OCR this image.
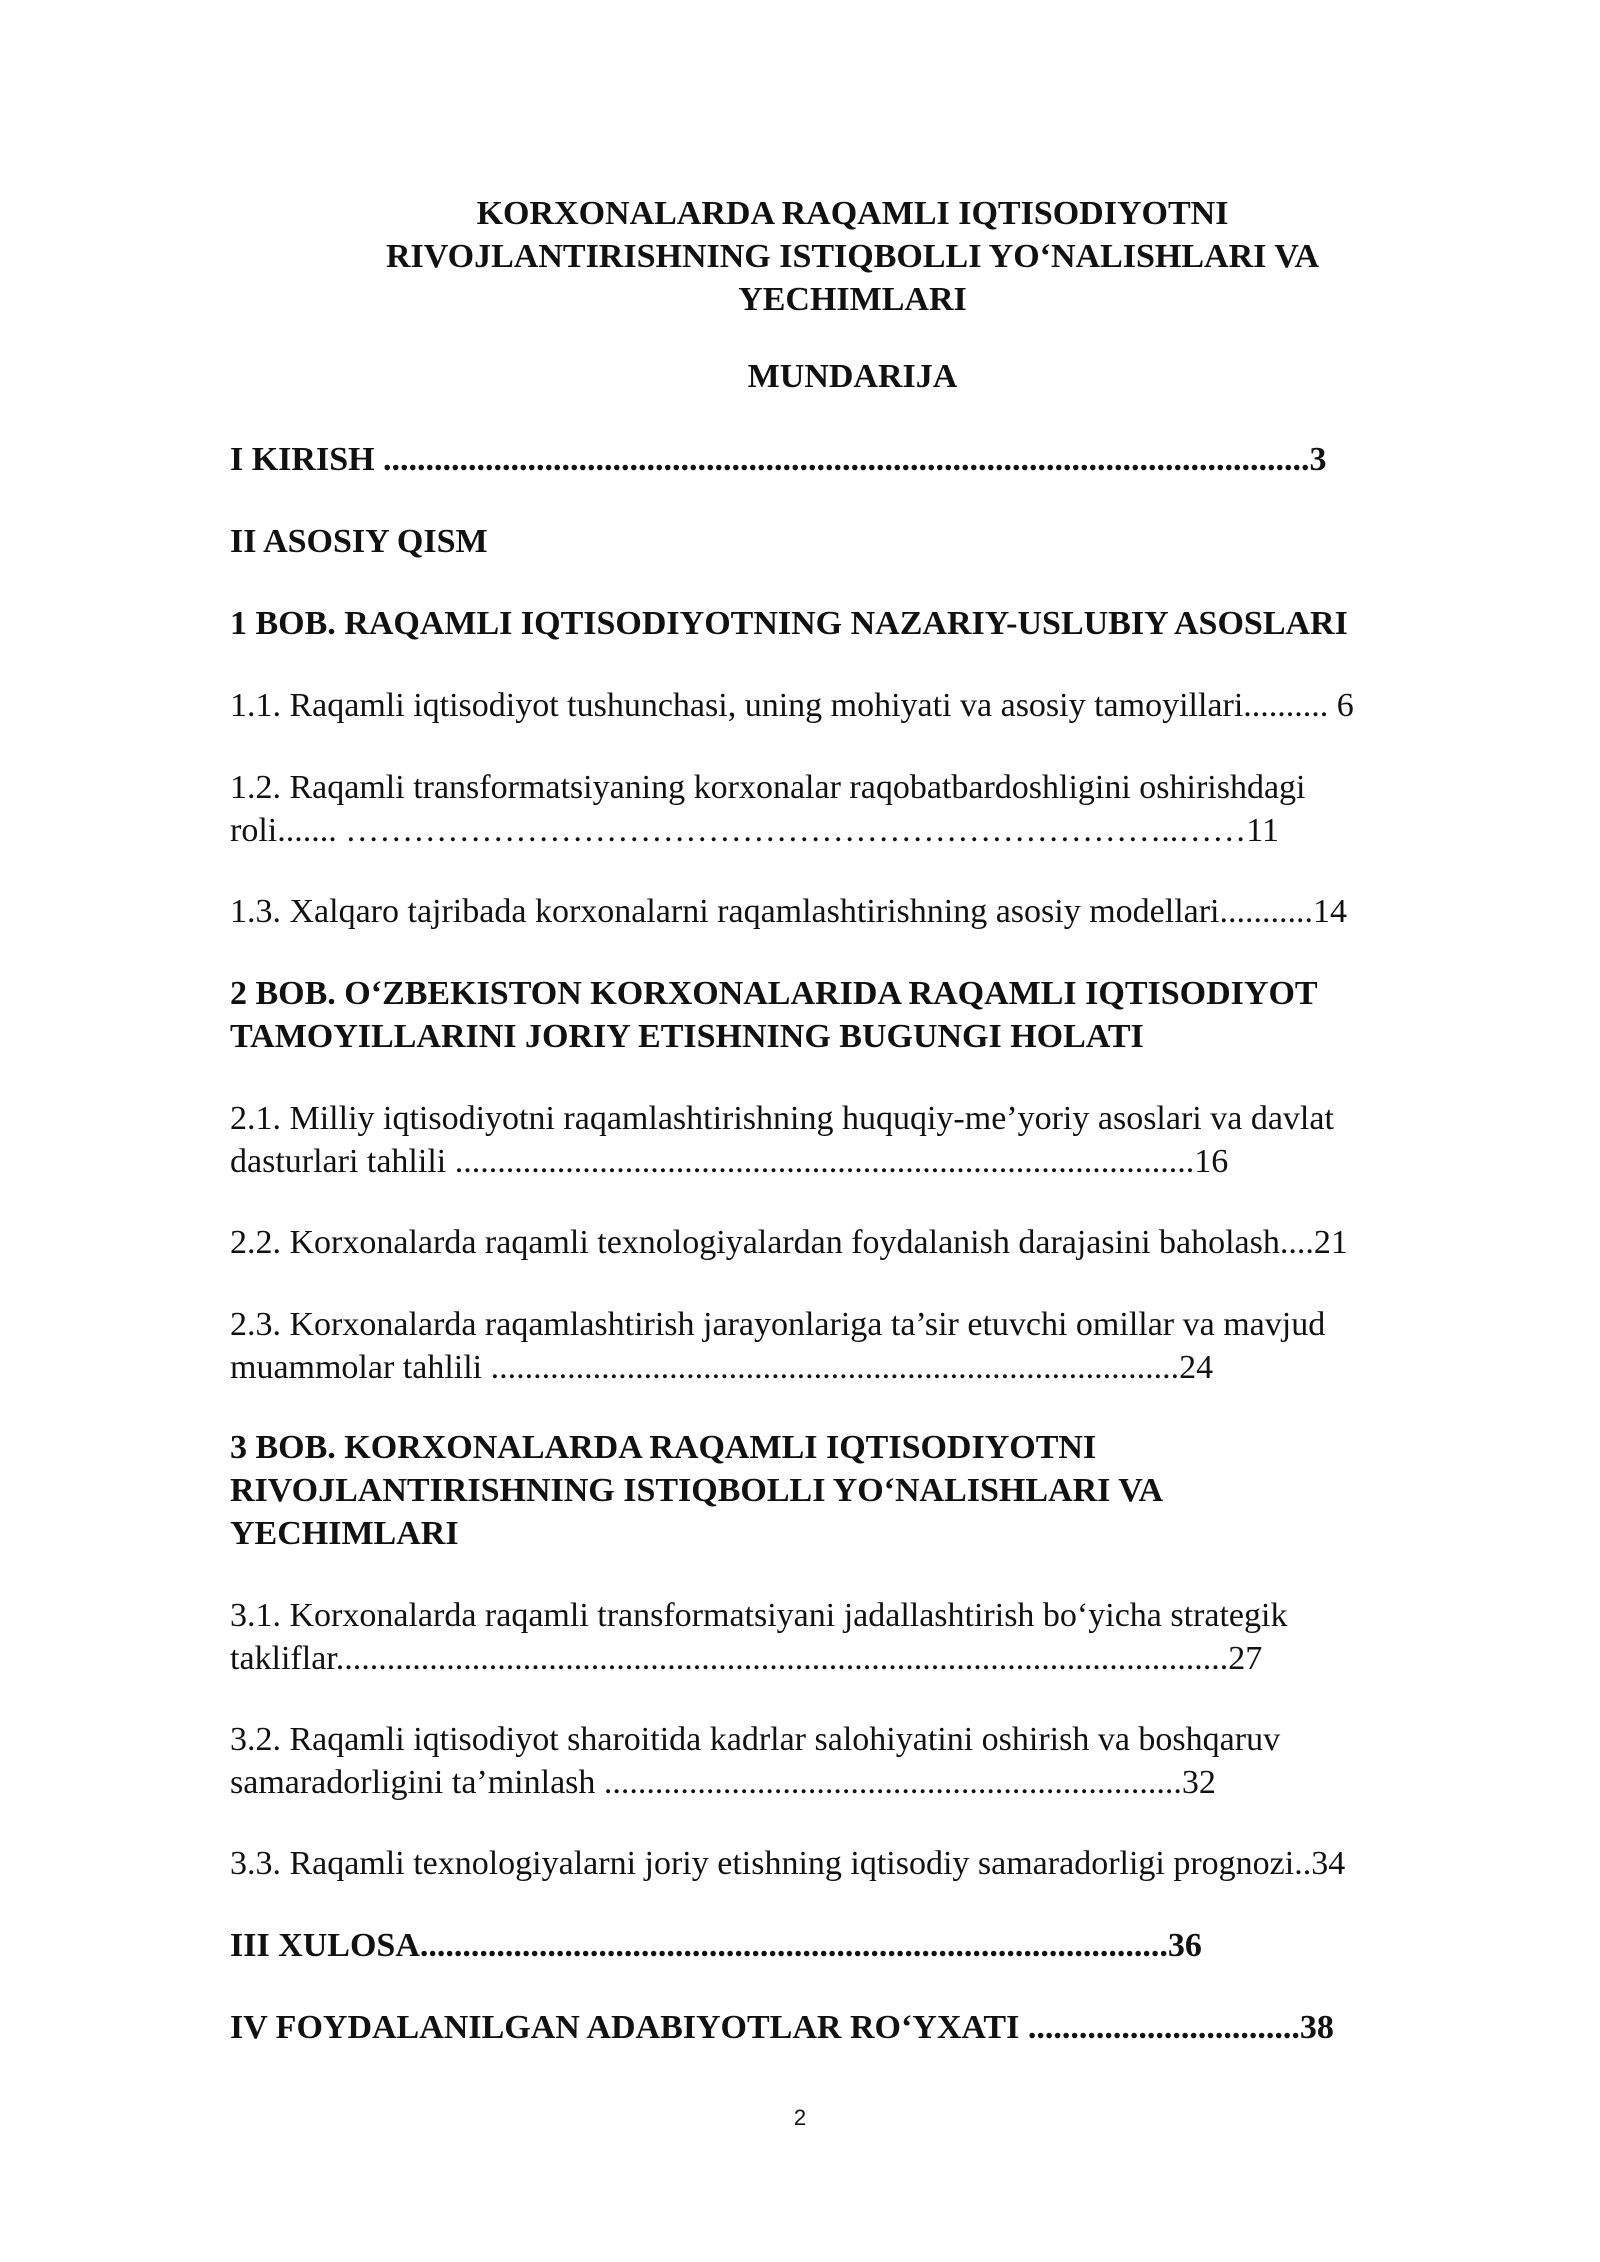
KORXONALARDA RAQAMLI IQTISODIYOTNI
RIVOJLANTIRISHNING ISTIQBOLLI YO‘NALISHLARI VA
YECHIMLARI
MUNDARIJA
I KIRISH .............................................................................................................3
II ASOSIY QISM
1 BOB. RAQAMLI IQTISODIYOTNING NAZARIY-USLUBIY ASOSLARI
1.1. Raqamli iqtisodiyot tushunchasi, uning mohiyati va asosiy tamoyillari.......... 6
1.2. Raqamli transformatsiyaning korxonalar raqobatbardoshligini oshirishdagi
roli....... ………………………………………………………………..……11
1.3. Xalqaro tajribada korxonalarni raqamlashtirishning asosiy modellari...........14
2 BOB. O‘ZBEKISTON KORXONALARIDA RAQAMLI IQTISODIYOT
TAMOYILLARINI JORIY ETISHNING BUGUNGI HOLATI
2.1. Milliy iqtisodiyotni raqamlashtirishning huquqiy-me’yoriy asoslari va davlat
dasturlari tahlili .......................................................................................16
2.2. Korxonalarda raqamli texnologiyalardan foydalanish darajasini baholash....21
2.3. Korxonalarda raqamlashtirish jarayonlariga ta’sir etuvchi omillar va mavjud
muammolar tahlili .................................................................................24
3 BOB. KORXONALARDA RAQAMLI IQTISODIYOTNI
RIVOJLANTIRISHNING ISTIQBOLLI YO‘NALISHLARI VA
YECHIMLARI
3.1. Korxonalarda raqamli transformatsiyani jadallashtirish bo‘yicha strategik
takliflar.........................................................................................................27
3.2. Raqamli iqtisodiyot sharoitida kadrlar salohiyatini oshirish va boshqaruv
samaradorligini ta’minlash ....................................................................32
3.3. Raqamli texnologiyalarni joriy etishning iqtisodiy samaradorligi prognozi..34
III XULOSA........................................................................................36
IV FOYDALANILGAN ADABIYOTLAR RO‘YXATI ................................38
2
